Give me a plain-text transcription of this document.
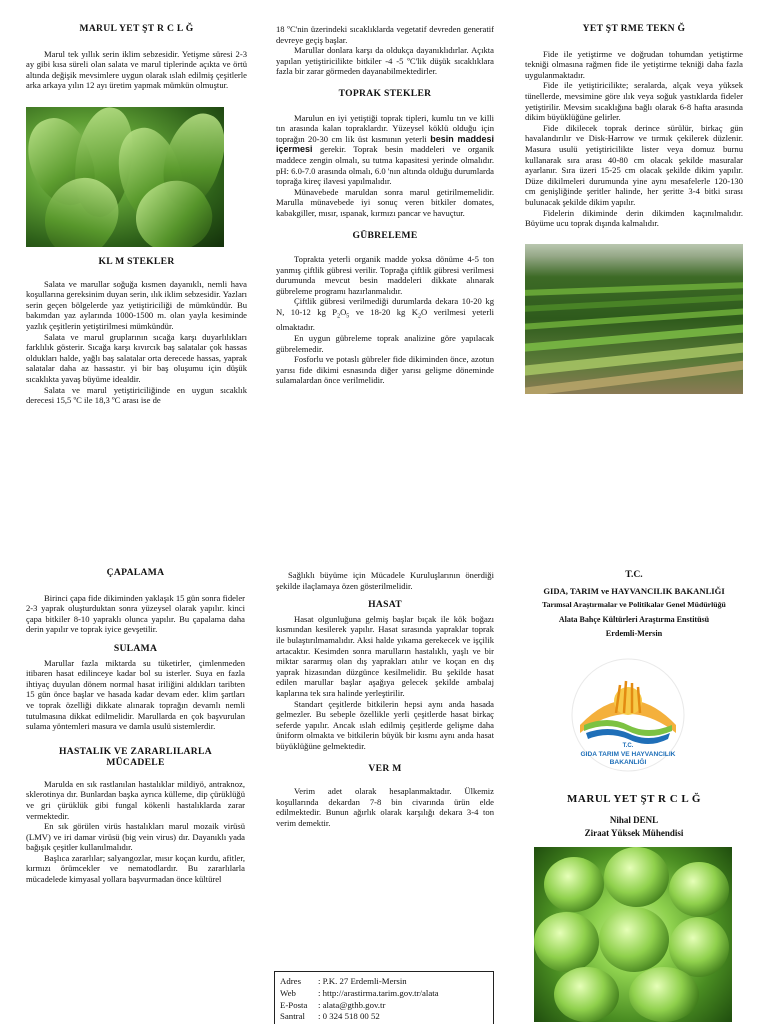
MARUL YET ŞT R C L Ğ

Marul tek yıllık serin iklim sebzesidir. Yetişme süresi 2-3 ay gibi kısa süreli olan salata ve marul tiplerinde açıkta ve örtü altında değişik mevsimlere uygun olarak ıslah edilmiş çeşitlerle arka arkaya yılın 12 ayı üretim yapmak mümkün olmuştur.

KL M STEKLER

Salata ve marullar soğuğa kısmen dayanıklı, nemli hava koşullarına gereksinim duyan serin, ılık iklim sebzesidir. Yazları serin geçen bölgelerde yaz yetiştiriciliği de mümkündür. Bu bakımdan yaz aylarında 1000-1500 m. olan yayla kesiminde yazlık çeşitlerin yetiştirilmesi mümkündür.

Salata ve marul gruplarının sıcağa karşı duyarlılıkları farklılık gösterir. Sıcağa karşı kıvırcık baş salatalar çok hassas oldukları halde, yağlı baş salatalar orta derecede hassas, yaprak salatalar daha az hassastır. yi bir baş oluşumu için düşük sıcaklıkta yavaş büyüme idealdir.

Salata ve marul yetiştiriciliğinde en uygun sıcaklık derecesi 15,5 ºC ile 18,3 ºC arası ise de

18 ºC'nin üzerindeki sıcaklıklarda vegetatif devreden generatif devreye geçiş başlar.

Marullar donlara karşı da oldukça dayanıklıdırlar. Açıkta yapılan yetiştiricilikte bitkiler -4 -5 ºC'lik düşük sıcaklıklara fazla bir zarar görmeden dayanabilmektedirler.

TOPRAK STEKLER

Marulun en iyi yetiştiği toprak tipleri, kumlu tın ve killi tın arasında kalan topraklardır. Yüzeysel köklü olduğu için toprağın 20-30 cm lik üst kısmının yeterli besin maddesi içermesi gerekir. Toprak besin maddeleri ve organik maddece zengin olmalı, su tutma kapasitesi yerinde olmalıdır. pH: 6.0-7.0 arasında olmalı, 6.0 'nın altında olduğu durumlarda toprağa kireç ilavesi yapılmalıdır.

Münavebede maruldan sonra marul getirilmemelidir. Marulla münavebede iyi sonuç veren bitkiler domates, kabakgiller, mısır, ıspanak, kırmızı pancar ve havuçtur.

GÜBRELEME

Toprakta yeterli organik madde yoksa dönüme 4-5 ton yanmış çiftlik gübresi verilir. Toprağa çiftlik gübresi verilmesi durumunda mevcut besin maddeleri dikkate alınarak gübreleme programı hazırlanmalıdır.

Çiftlik gübresi verilmediği durumlarda dekara 10-20 kg N, 10-12 kg $P_2O_5$ ve 18-20 kg $K_2O$ verilmesi yeterli olmaktadır.

En uygun gübreleme toprak analizine göre yapılacak gübrelemedir.

Fosforlu ve potaslı gübreler fide dikiminden önce, azotun yarısı fide dikimi esnasında diğer yarısı gelişme döneminde sulamalardan önce verilmelidir.

YET ŞT RME TEKN Ğ

Fide ile yetiştirme ve doğrudan tohumdan yetiştirme tekniği olmasına rağmen fide ile yetiştirme tekniği daha fazla uygulanmaktadır.

Fide ile yetiştiricilikte; seralarda, alçak veya yüksek tünellerde, mevsimine göre ılık veya soğuk yastıklarda fideler yetiştirilir. Mevsim sıcaklığına bağlı olarak 6-8 hafta arasında dikim büyüklüğüne gelirler.

Fide dikilecek toprak derince sürülür, birkaç gün havalandırılır ve Disk-Harrow ve tırmık çekilerek düzlenir. Masura usulü yetiştiricilikte lister veya domuz burnu kullanarak sıra arası 40-80 cm olacak şekilde masuralar ayarlanır. Sıra üzeri 15-25 cm olacak şekilde dikim yapılır. Düze dikilmeleri durumunda yine aynı mesafelerle 120-130 cm genişliğinde şeritler halinde, her şeritte 3-4 bitki sırası bulunacak şekilde dikim yapılır.

Fidelerin dikiminde derin dikimden kaçınılmalıdır. Büyüme ucu toprak dışında kalmalıdır.

ÇAPALAMA

Birinci çapa fide dikiminden yaklaşık 15 gün sonra fideler 2-3 yaprak oluşturduktan sonra yüzeysel olarak yapılır. kinci çapa bitkiler 8-10 yapraklı olunca yapılır. Bu çapalama daha derin yapılır ve toprak iyice gevşetilir.

SULAMA

Marullar fazla miktarda su tüketirler, çimlenmeden itibaren hasat edilinceye kadar bol su isterler. Suya en fazla ihtiyaç duyulan dönem normal hasat iriliğini aldıkları taribten 15 gün önce başlar ve hasada kadar devam eder. klim şartları ve toprak özelliği dikkate alınarak toprağın devamlı nemli tutulmasına dikkat edilmelidir. Marullarda en çok başvurulan sulama yöntemleri masura ve damla usulü sistemlerdir.

HASTALIK VE ZARARLILARLA MÜCADELE

Marulda en sık rastlanılan hastalıklar mildiyö, antraknoz, sklerotinya dır. Bunlardan başka ayrıca külleme, dip çürüklüğü ve gri çürüklük gibi fungal kökenli hastalıklarda zarar vermektedir.

En sık görülen virüs hastalıkları marul mozaik virüsü (LMV) ve iri damar virüsü (big vein virus) dır. Dayanıklı yada bağışık çeşitler kullanılmalıdır.

Başlıca zararlılar; salyangozlar, mısır koçan kurdu, afitler, kırmızı örümcekler ve nematodlardır. Bu zararlılarla mücadelede kimyasal yollara başvurmadan önce kültürel

Sağlıklı büyüme için Mücadele Kuruluşlarının önerdiği şekilde ilaçlamaya özen gösterilmelidir.

HASAT

Hasat olgunluğuna gelmiş başlar bıçak ile kök boğazı kısmından kesilerek yapılır. Hasat sırasında yapraklar toprak ile bulaştırılmamalıdır. Aksi halde yıkama gerekecek ve işçilik artacaktır. Kesimden sonra marulların hastalıklı, yaşlı ve bir miktar sararmış olan dış yaprakları atılır ve koçan en dış yaprak hizasından düzgünce kesilmelidir. Bu şekilde hasat edilen marullar başlar aşağıya gelecek şekilde ambalaj kaplarına tek sıra halinde yerleştirilir.

Standart çeşitlerde bitkilerin hepsi aynı anda hasada gelmezler. Bu sebeple özellikle yerli çeşitlerde hasat birkaç seferde yapılır. Ancak ıslah edilmiş çeşitlerde gelişme daha üniform olmakta ve bitkilerin büyük bir kısmı aynı anda hasat büyüklüğüne gelmektedir.

VER M

Verim adet olarak hesaplanmaktadır. Ülkemiz koşullarında dekardan 7-8 bin civarında ürün elde edilmektedir. Bunun ağırlık olarak karşılığı dekara 3-4 ton verim demektir.

Adres : P.K. 27 Erdemli-Mersin
Web	: http://arastirma.tarim.gov.tr/alata
E-Posta : alata@gthb.gov.tr
Santral : 0 324 518 00 52
T.C.
GIDA, TARIM ve HAYVANCILIK BAKANLIĞI
Tarımsal Araştırmalar ve Politikalar Genel Müdürlüğü
Alata Bahçe Kültürleri Araştırma Enstitüsü
Erdemli-Mersin
T.C.
GIDA TARIM VE HAYVANCILIK
BAKANLIĞI
MARUL YET ŞT R C L Ğ
Nihal DENL
Ziraat Yüksek Mühendisi
